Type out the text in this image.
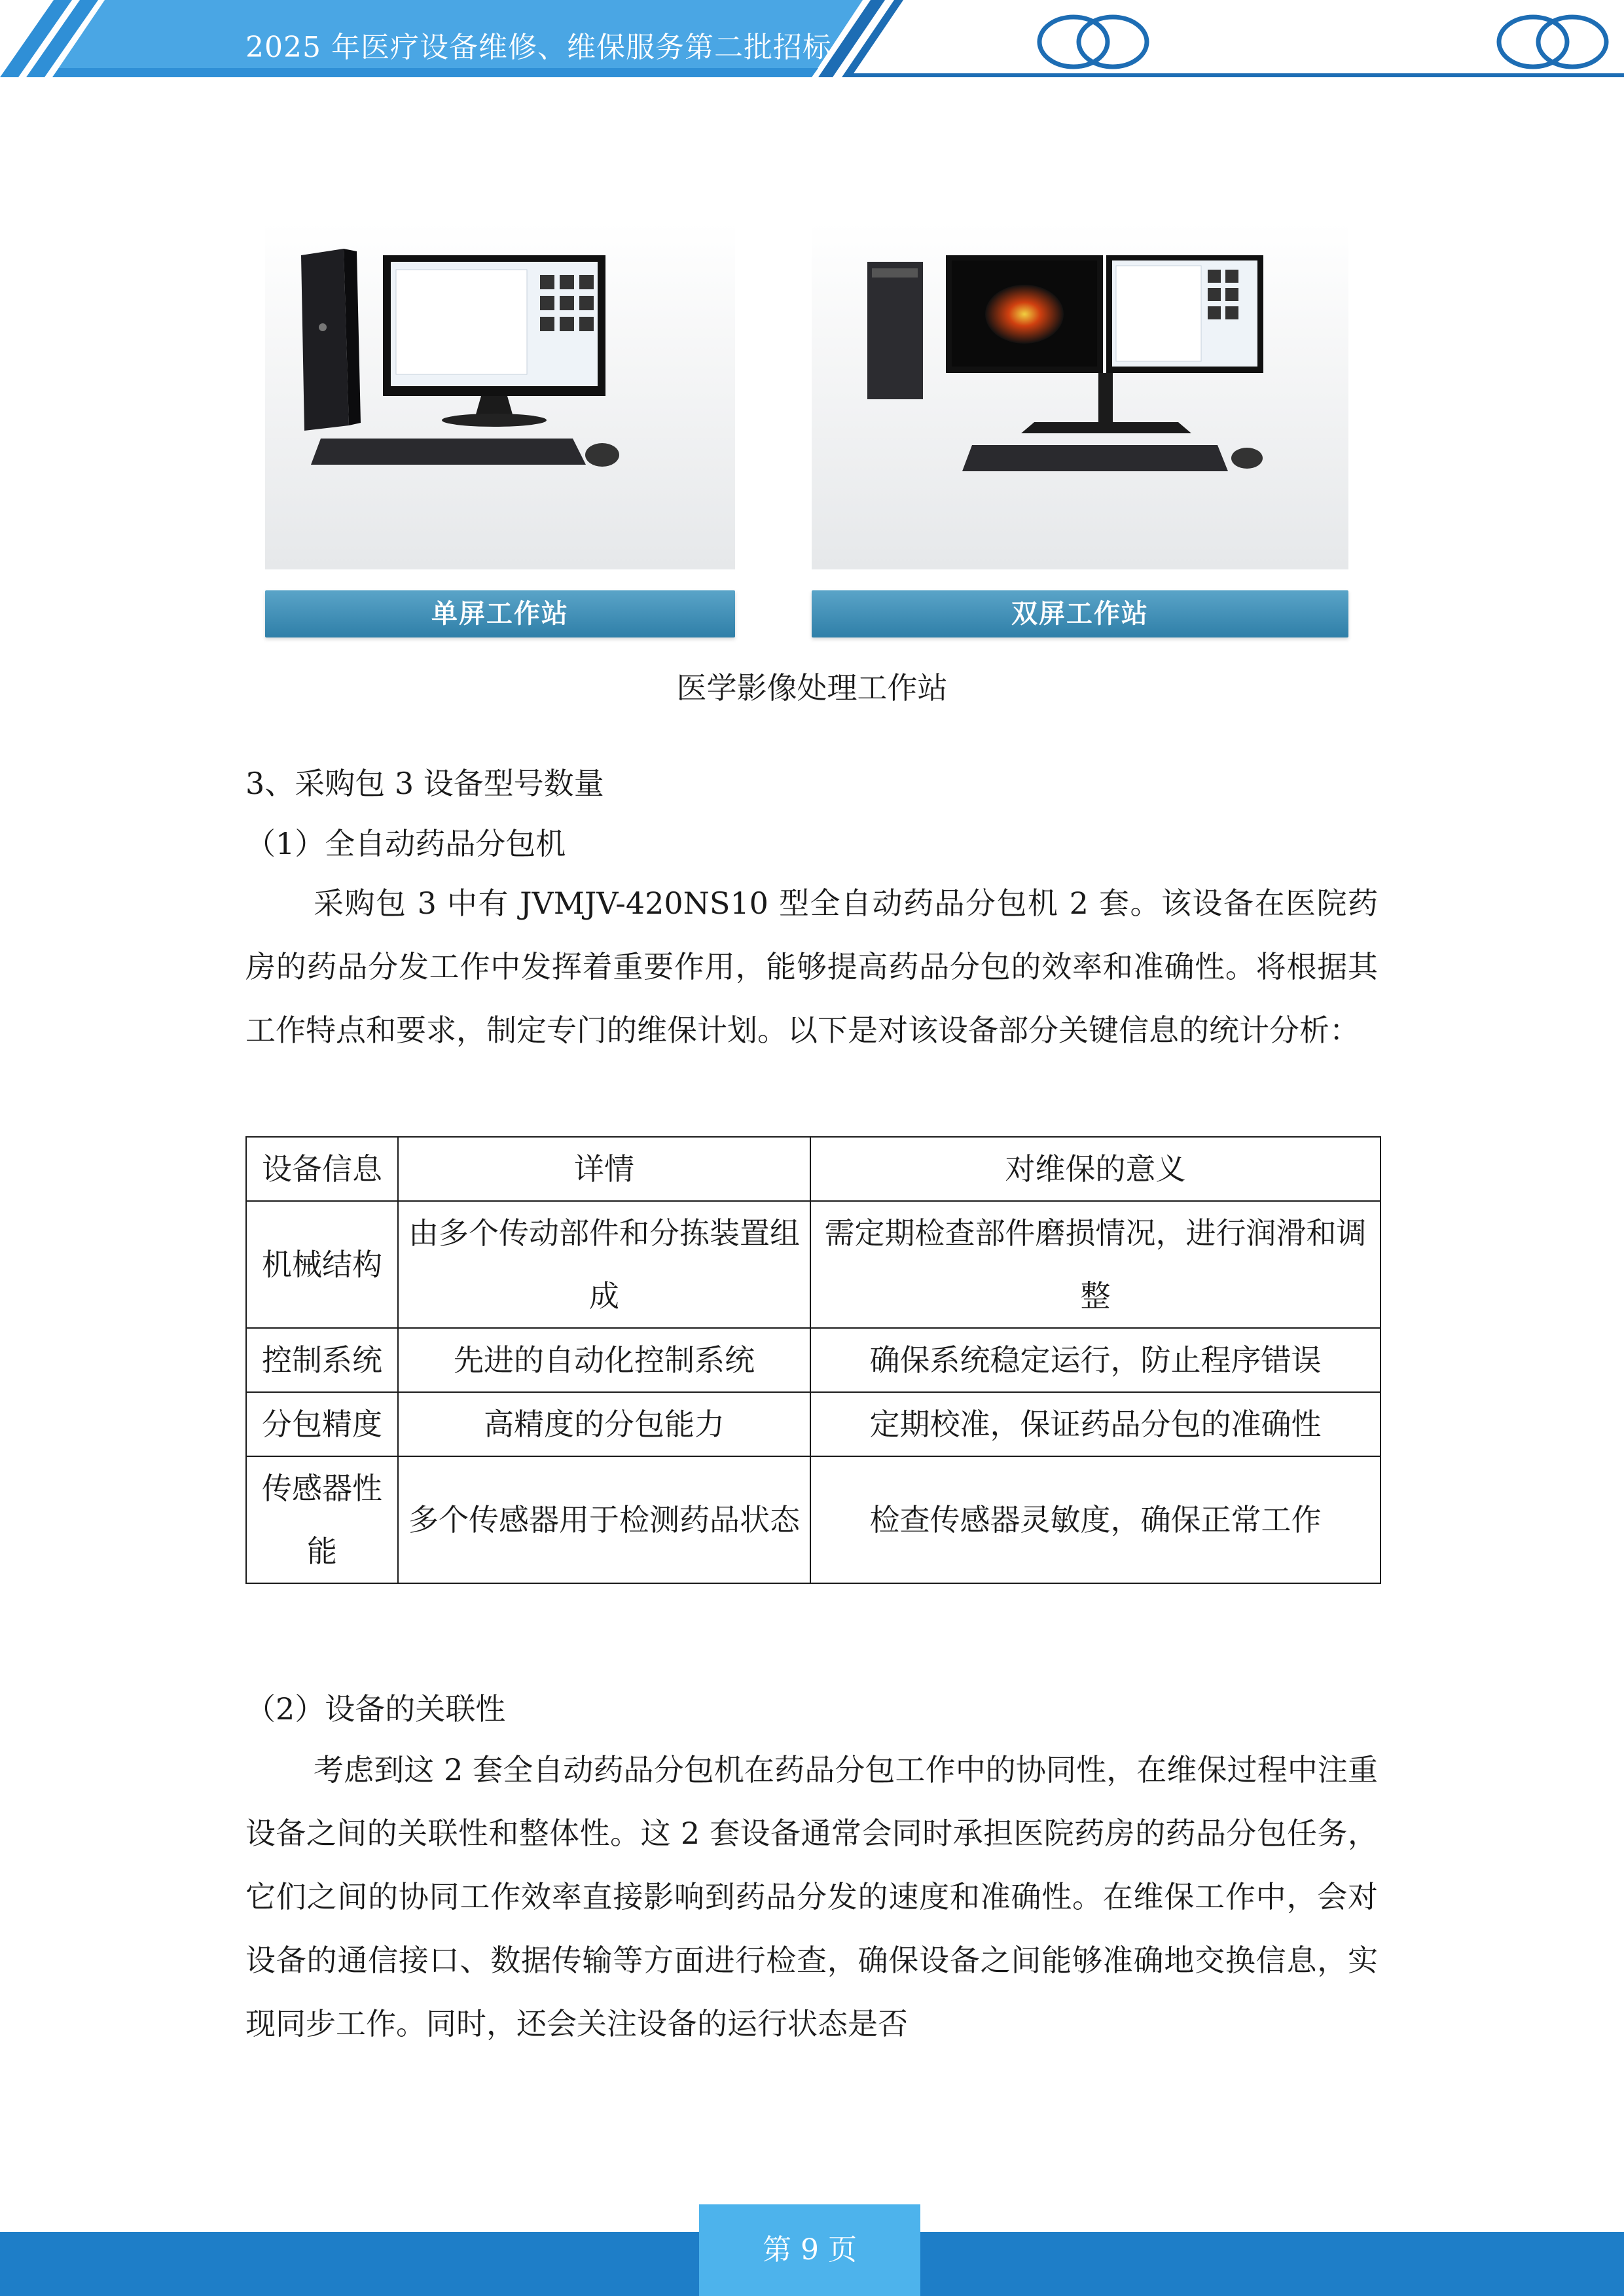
2025 年医疗设备维修、维保服务第二批招标
单屏工作站	双屏工作站
医学影像处理工作站
3、采购包 3 设备型号数量
（1）全自动药品分包机
采购包 3 中有 JVMJV-420NS10 型全自动药品分包机 2 套。该设备在医院药房的药品分发工作中发挥着重要作用，能够提高药品分包的效率和准确性。将根据其工作特点和要求，制定专门的维保计划。以下是对该设备部分关键信息的统计分析：
设备信息	详情	对维保的意义
机械结构	由多个传动部件和分拣装置组成	需定期检查部件磨损情况，进行润滑和调整
控制系统	先进的自动化控制系统	确保系统稳定运行，防止程序错误
分包精度	高精度的分包能力	定期校准，保证药品分包的准确性
传感器性能	多个传感器用于检测药品状态	检查传感器灵敏度，确保正常工作
（2）设备的关联性
考虑到这 2 套全自动药品分包机在药品分包工作中的协同性，在维保过程中注重设备之间的关联性和整体性。这 2 套设备通常会同时承担医院药房的药品分包任务，它们之间的协同工作效率直接影响到药品分发的速度和准确性。在维保工作中，会对设备的通信接口、数据传输等方面进行检查，确保设备之间能够准确地交换信息，实现同步工作。同时，还会关注设备的运行状态是否
第 9 页
